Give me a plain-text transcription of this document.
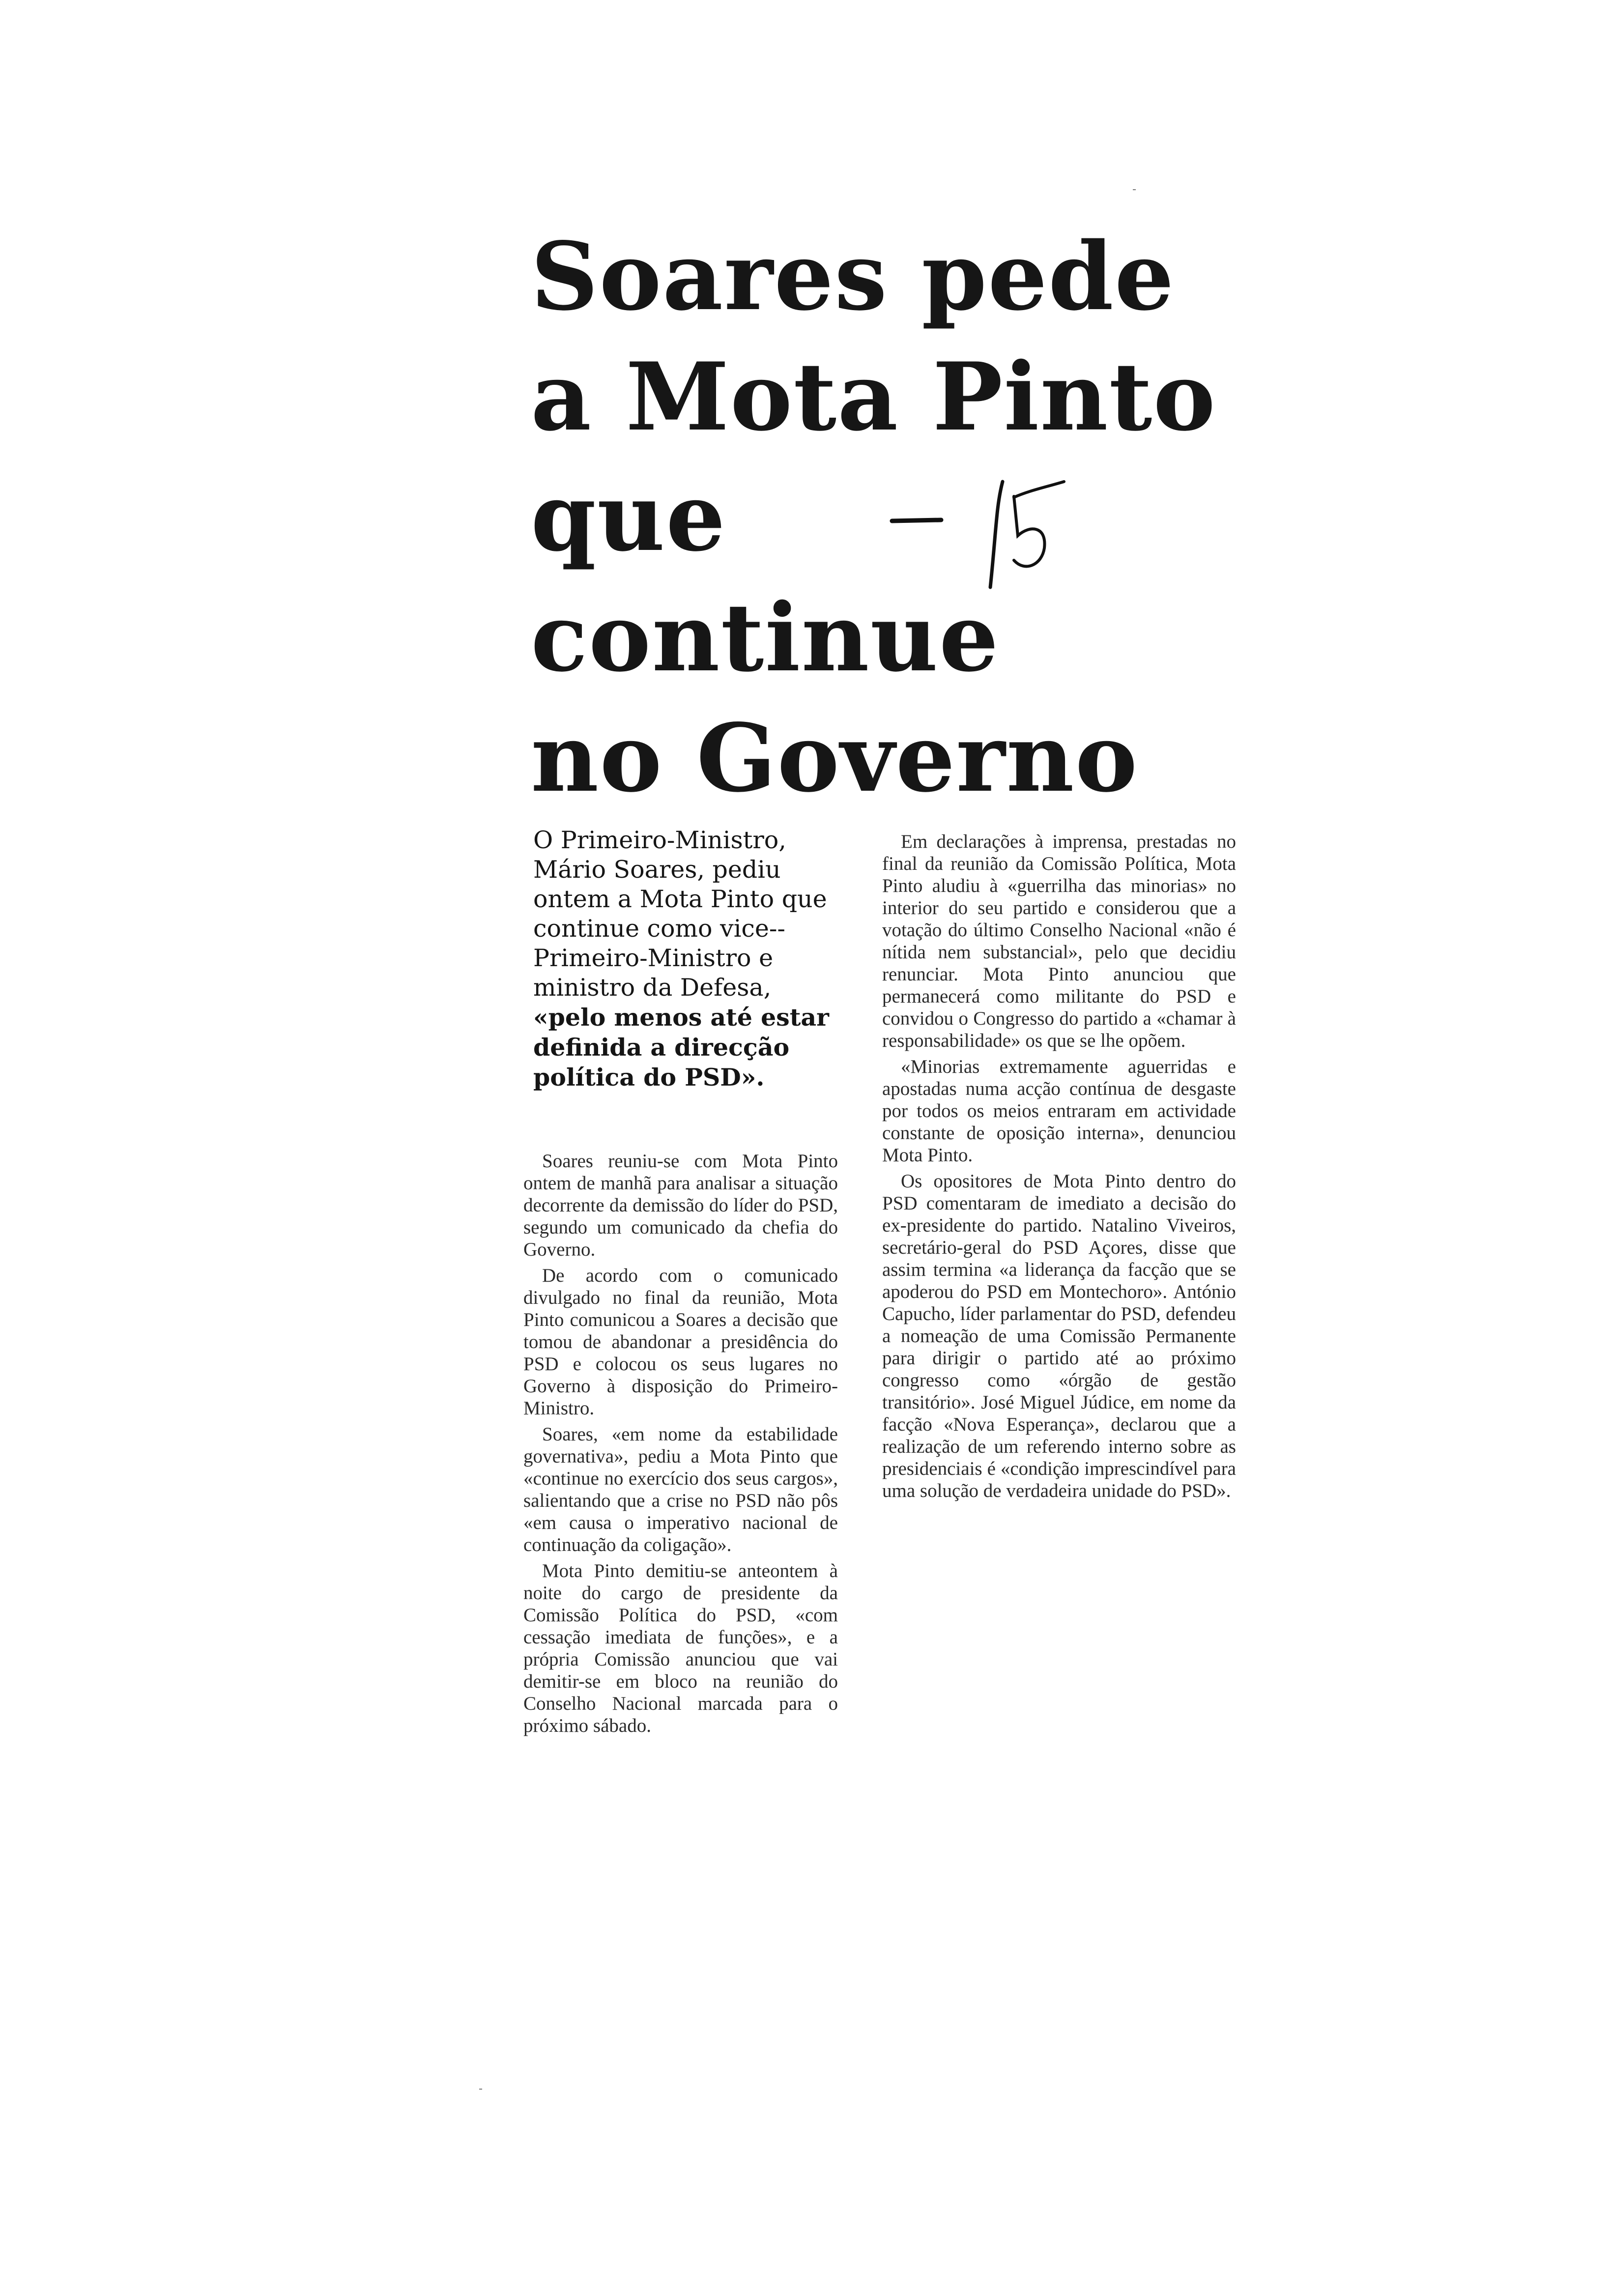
Soares pede
a Mota Pinto
que
continue
no Governo
O Primeiro-Ministro, Mário Soares, pediu ontem a Mota Pinto que continue como vice--Primeiro-Ministro e ministro da Defesa, «pelo menos até estar definida a direcção política do PSD».

Soares reuniu-se com Mota Pinto ontem de manhã para analisar a situação decorrente da demissão do líder do PSD, segundo um comunicado da chefia do Governo.

De acordo com o comunicado divulgado no final da reunião, Mota Pinto comunicou a Soares a decisão que tomou de abandonar a presidência do PSD e colocou os seus lugares no Governo à disposição do Primeiro-Ministro.

Soares, «em nome da estabilidade governativa», pediu a Mota Pinto que «continue no exercício dos seus cargos», salientando que a crise no PSD não pôs «em causa o imperativo nacional de continuação da coligação».

Mota Pinto demitiu-se anteontem à noite do cargo de presidente da Comissão Política do PSD, «com cessação imediata de funções», e a própria Comissão anunciou que vai demitir-se em bloco na reunião do Conselho Nacional marcada para o próximo sábado.

Em declarações à imprensa, prestadas no final da reunião da Comissão Política, Mota Pinto aludiu à «guerrilha das minorias» no interior do seu partido e considerou que a votação do último Conselho Nacional «não é nítida nem substancial», pelo que decidiu renunciar. Mota Pinto anunciou que permanecerá como militante do PSD e convidou o Congresso do partido a «chamar à responsabilidade» os que se lhe opõem.

«Minorias extremamente aguerridas e apostadas numa acção contínua de desgaste por todos os meios entraram em actividade constante de oposição interna», denunciou Mota Pinto.

Os opositores de Mota Pinto dentro do PSD comentaram de imediato a decisão do ex-presidente do partido. Natalino Viveiros, secretário-geral do PSD Açores, disse que assim termina «a liderança da facção que se apoderou do PSD em Montechoro». António Capucho, líder parlamentar do PSD, defendeu a nomeação de uma Comissão Permanente para dirigir o partido até ao próximo congresso como «órgão de gestão transitório». José Miguel Júdice, em nome da facção «Nova Esperança», declarou que a realização de um referendo interno sobre as presidenciais é «condição imprescindível para uma solução de verdadeira unidade do PSD».
